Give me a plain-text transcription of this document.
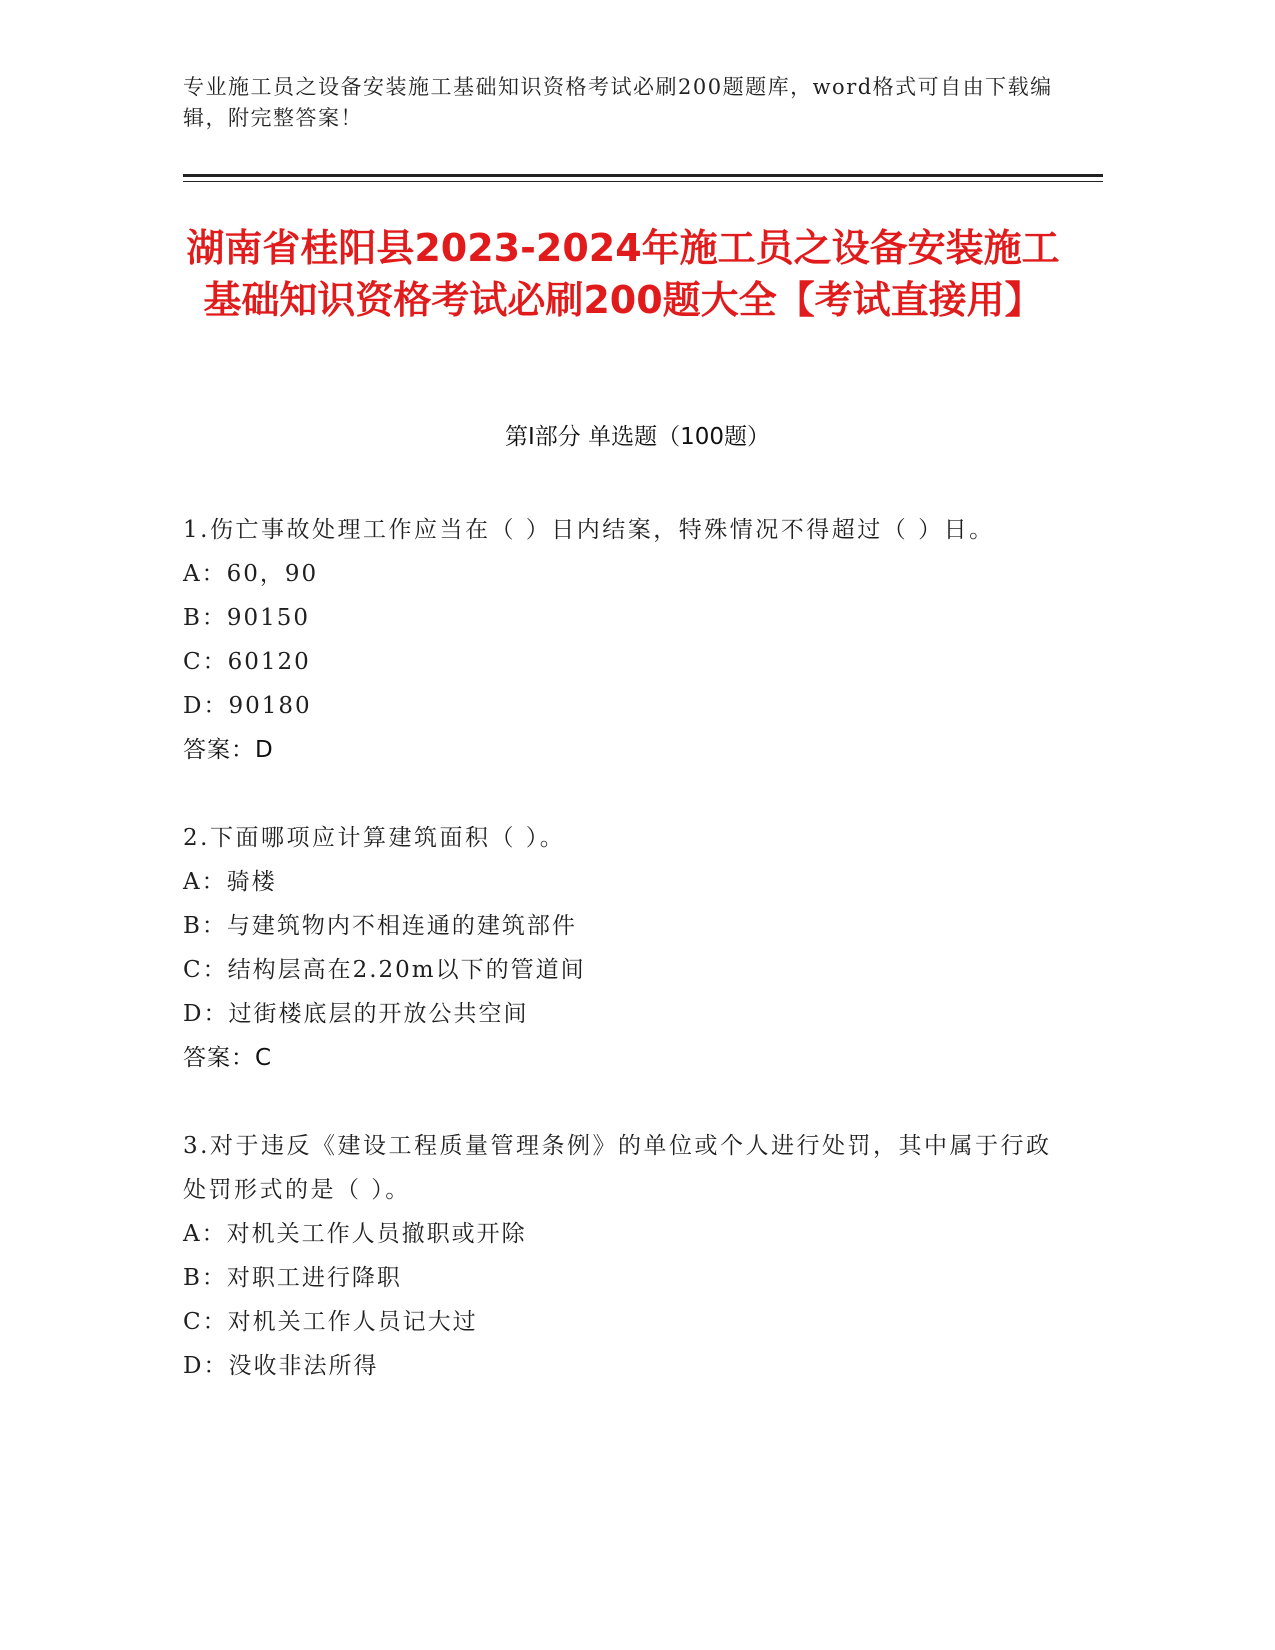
专业施工员之设备安装施工基础知识资格考试必刷200题题库，word格式可自由下载编辑，附完整答案！
湖南省桂阳县2023-2024年施工员之设备安装施工基础知识资格考试必刷200题大全【考试直接用】
第Ⅰ部分 单选题（100题）

1.伤亡事故处理工作应当在（ ）日内结案，特殊情况不得超过（ ）日。

A：60，90

B：90150

C：60120

D：90180

答案：D

2.下面哪项应计算建筑面积（ ）。

A：骑楼

B：与建筑物内不相连通的建筑部件

C：结构层高在2.20m以下的管道间

D：过街楼底层的开放公共空间

答案：C

3.对于违反《建设工程质量管理条例》的单位或个人进行处罚，其中属于行政处罚形式的是（ ）。

A：对机关工作人员撤职或开除

B：对职工进行降职

C：对机关工作人员记大过

D：没收非法所得
